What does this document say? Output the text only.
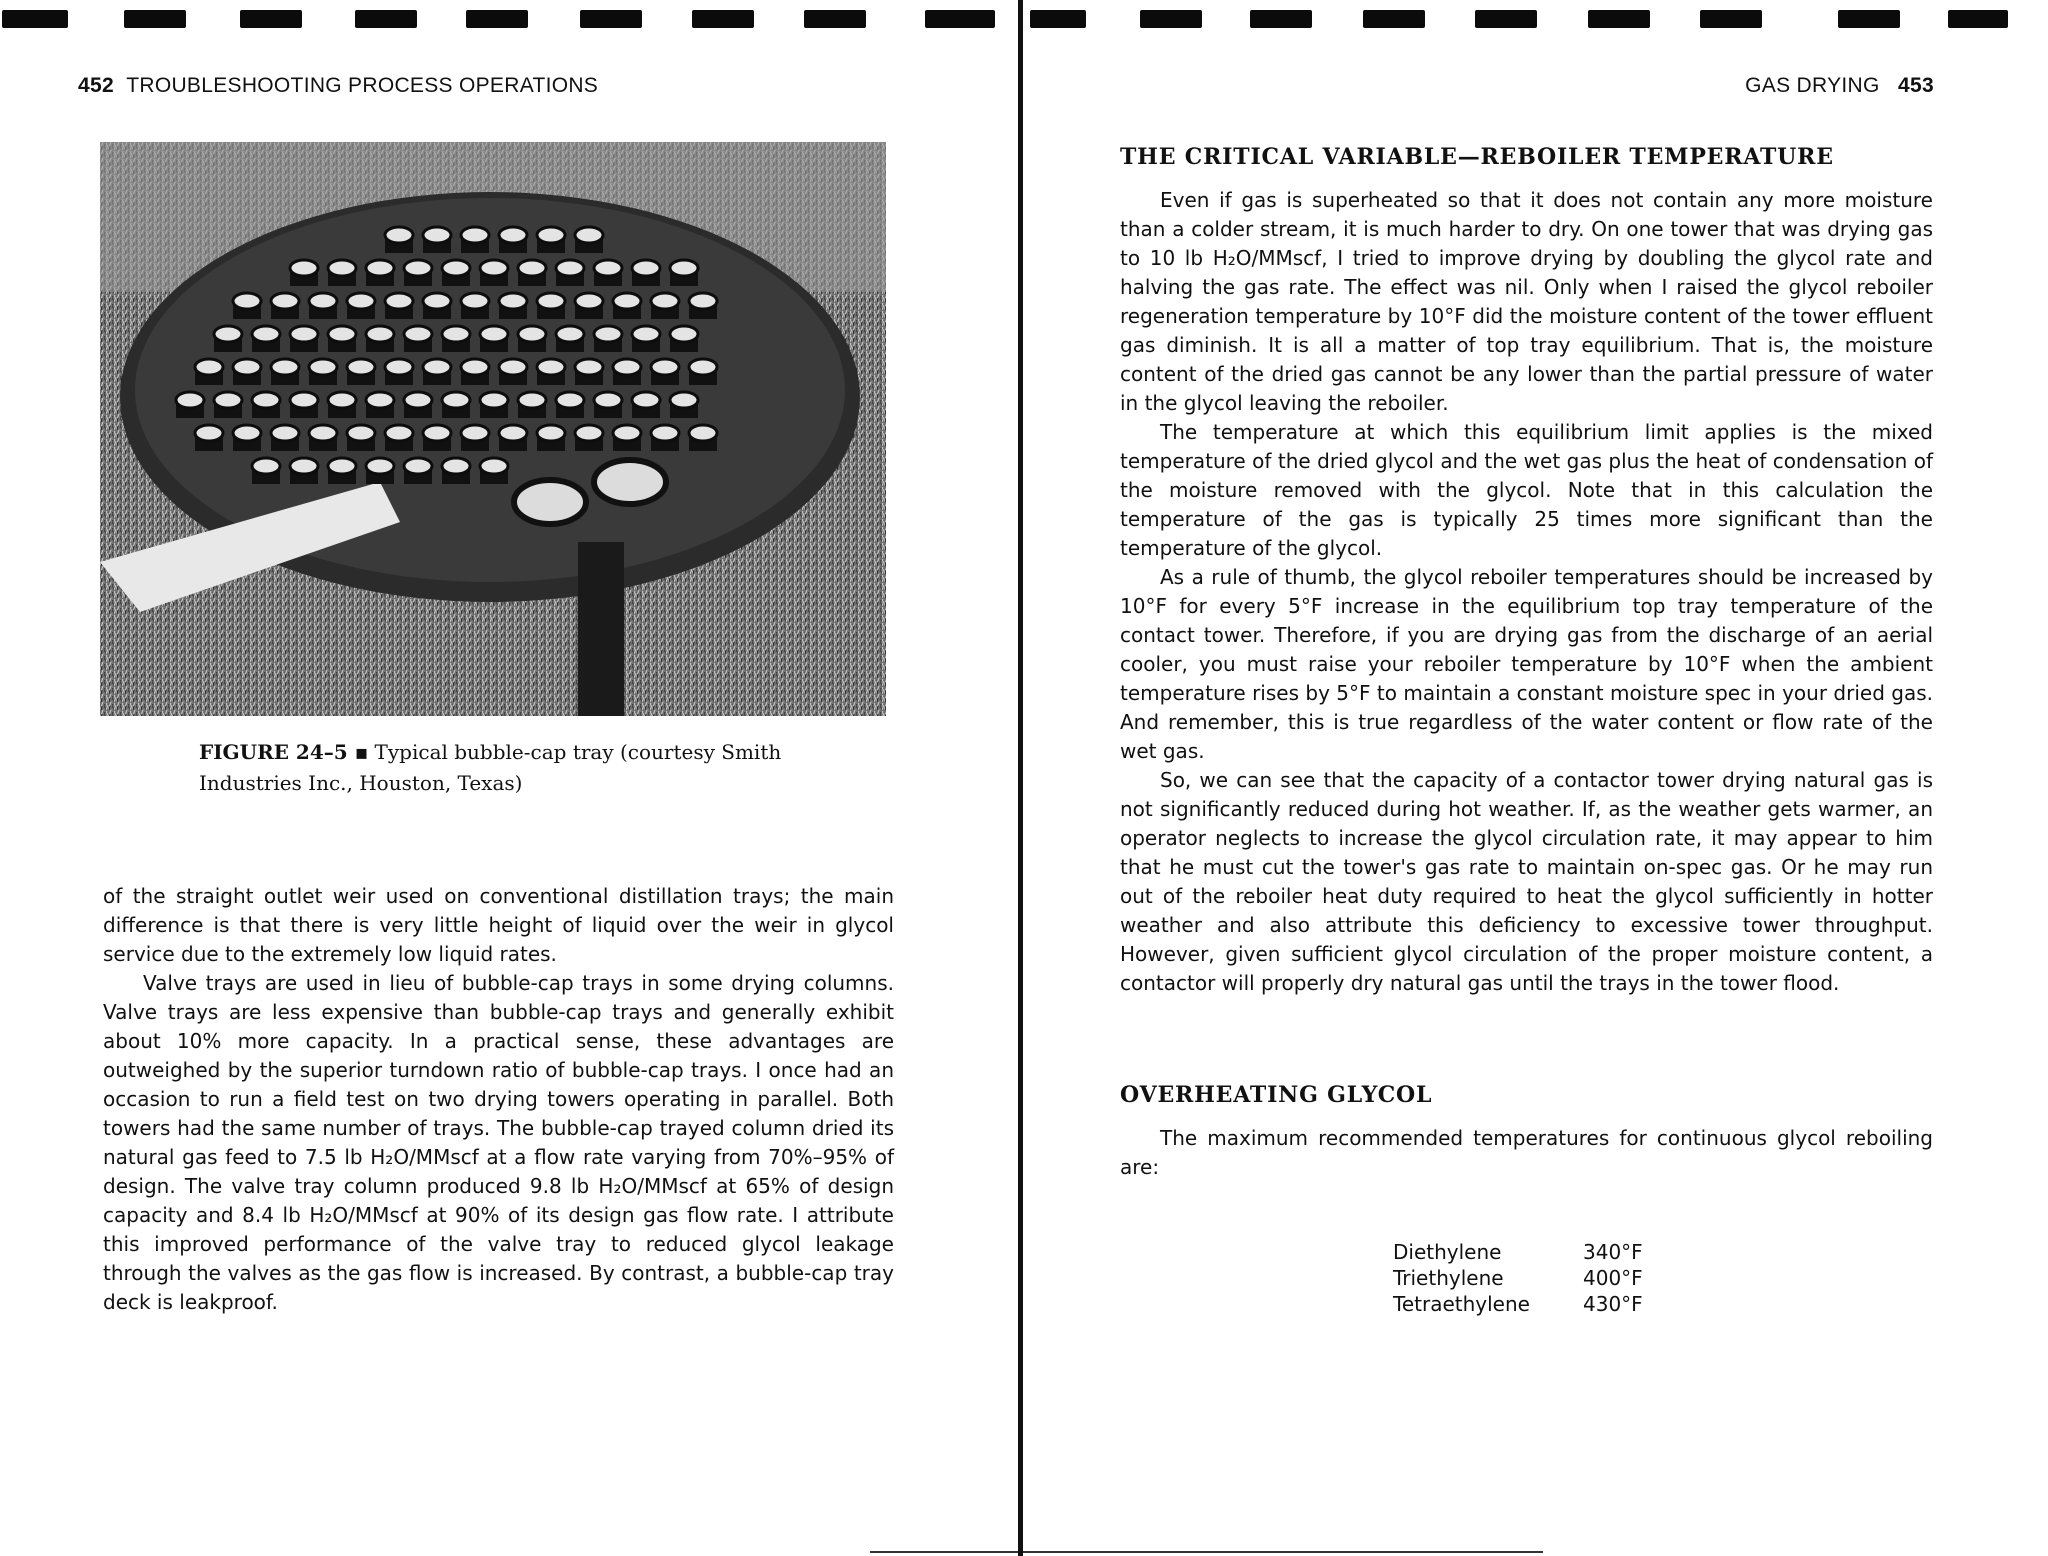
452 TROUBLESHOOTING PROCESS OPERATIONS
FIGURE 24–5 ▪ Typical bubble-cap tray (courtesy Smith
Industries Inc., Houston, Texas)

of the straight outlet weir used on conventional distillation trays; the main difference is that there is very little height of liquid over the weir in glycol service due to the extremely low liquid rates.

Valve trays are used in lieu of bubble-cap trays in some drying columns. Valve trays are less expensive than bubble-cap trays and generally exhibit about 10% more capacity. In a practical sense, these advantages are outweighed by the superior turndown ratio of bubble-cap trays. I once had an occasion to run a field test on two drying towers operating in parallel. Both towers had the same number of trays. The bubble-cap trayed column dried its natural gas feed to 7.5 lb H₂O/MMscf at a flow rate varying from 70%–95% of design. The valve tray column produced 9.8 lb H₂O/MMscf at 65% of design capacity and 8.4 lb H₂O/MMscf at 90% of its design gas flow rate. I attribute this improved performance of the valve tray to reduced glycol leakage through the valves as the gas flow is increased. By contrast, a bubble-cap tray deck is leakproof.

GAS DRYING 453
THE CRITICAL VARIABLE—REBOILER TEMPERATURE

Even if gas is superheated so that it does not contain any more moisture than a colder stream, it is much harder to dry. On one tower that was drying gas to 10 lb H₂O/MMscf, I tried to improve drying by doubling the glycol rate and halving the gas rate. The effect was nil. Only when I raised the glycol reboiler regeneration temperature by 10°F did the moisture content of the tower effluent gas diminish. It is all a matter of top tray equilibrium. That is, the moisture content of the dried gas cannot be any lower than the partial pressure of water in the glycol leaving the reboiler.

The temperature at which this equilibrium limit applies is the mixed temperature of the dried glycol and the wet gas plus the heat of condensation of the moisture removed with the glycol. Note that in this calculation the temperature of the gas is typically 25 times more significant than the temperature of the glycol.

As a rule of thumb, the glycol reboiler temperatures should be increased by 10°F for every 5°F increase in the equilibrium top tray temperature of the contact tower. Therefore, if you are drying gas from the discharge of an aerial cooler, you must raise your reboiler temperature by 10°F when the ambient temperature rises by 5°F to maintain a constant moisture spec in your dried gas. And remember, this is true regardless of the water content or flow rate of the wet gas.

So, we can see that the capacity of a contactor tower drying natural gas is not significantly reduced during hot weather. If, as the weather gets warmer, an operator neglects to increase the glycol circulation rate, it may appear to him that he must cut the tower's gas rate to maintain on-spec gas. Or he may run out of the reboiler heat duty required to heat the glycol sufficiently in hotter weather and also attribute this deficiency to excessive tower throughput. However, given sufficient glycol circulation of the proper moisture content, a contactor will properly dry natural gas until the trays in the tower flood.

OVERHEATING GLYCOL

The maximum recommended temperatures for continuous glycol reboiling are:

Diethylene	340°F
Triethylene	400°F
Tetraethylene	430°F
